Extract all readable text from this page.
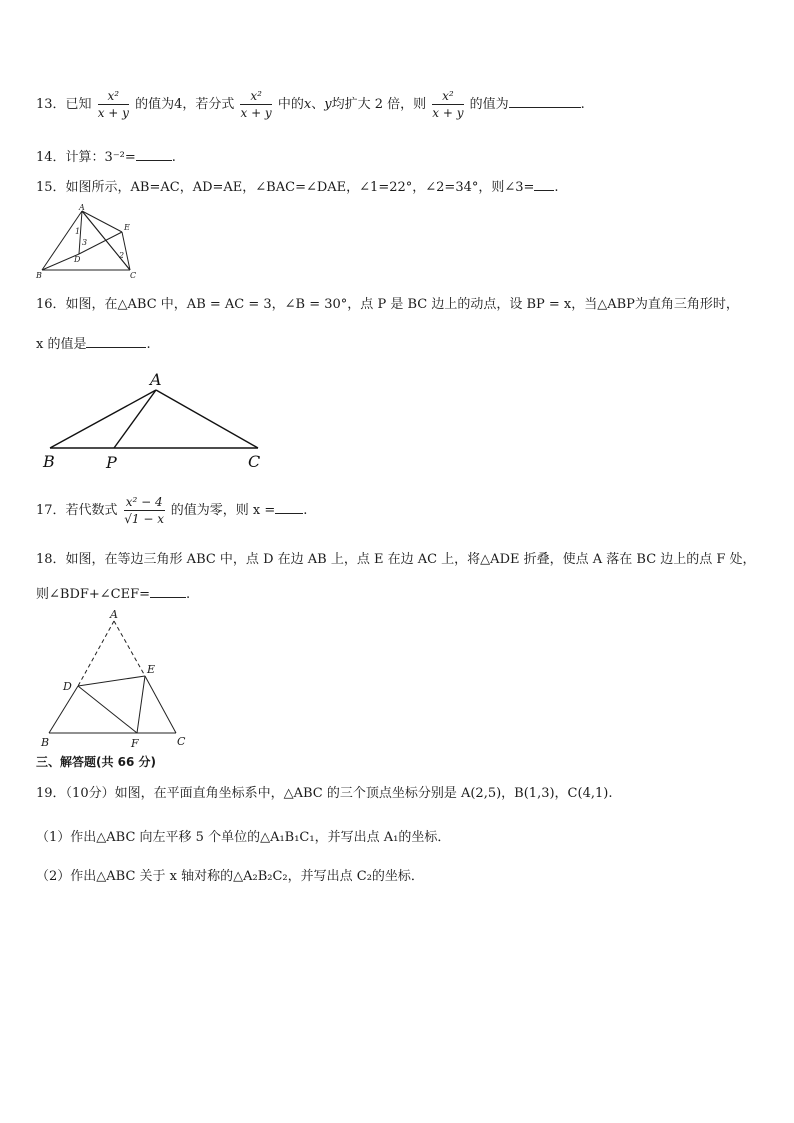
13．已知 $\frac{\text{x²}}{x + y}$ 的值为4，若分式 $\frac{\text{x²}}{x + y}$ 中的x、y均扩大 2 倍，则 $\frac{\text{x²}}{x + y}$ 的值为	.
14．计算：3⁻²=	.
15．如图所示，AB=AC，AD=AE，∠BAC=∠DAE，∠1=22°，∠2=34°，则∠3= .
A
E
1
3
D	2
B	C
16．如图，在△ABC 中，AB = AC = 3，∠B = 30°，点 P 是 BC 边上的动点，设 BP = x，当△ABP为直角三角形时，
x 的值是	.
A
B	P	C
17．若代数式 $\frac{\text{x² − 4}}{√1 - x}$ 的值为零，则 x = .
18．如图，在等边三角形 ABC 中，点 D 在边 AB 上，点 E 在边 AC 上，将△ADE 折叠，使点 A 落在 BC 边上的点 F 处，
则∠BDF+∠CEF=	.
A
E
D
B	F	C
三、解答题(共 66 分)
19．（10分）如图，在平面直角坐标系中，△ABC 的三个顶点坐标分别是 A(2,5)，B(1,3)，C(4,1).
（1）作出△ABC 向左平移 5 个单位的△A₁B₁C₁，并写出点 A₁的坐标．
（2）作出△ABC 关于 x 轴对称的△A₂B₂C₂，并写出点 C₂的坐标．
